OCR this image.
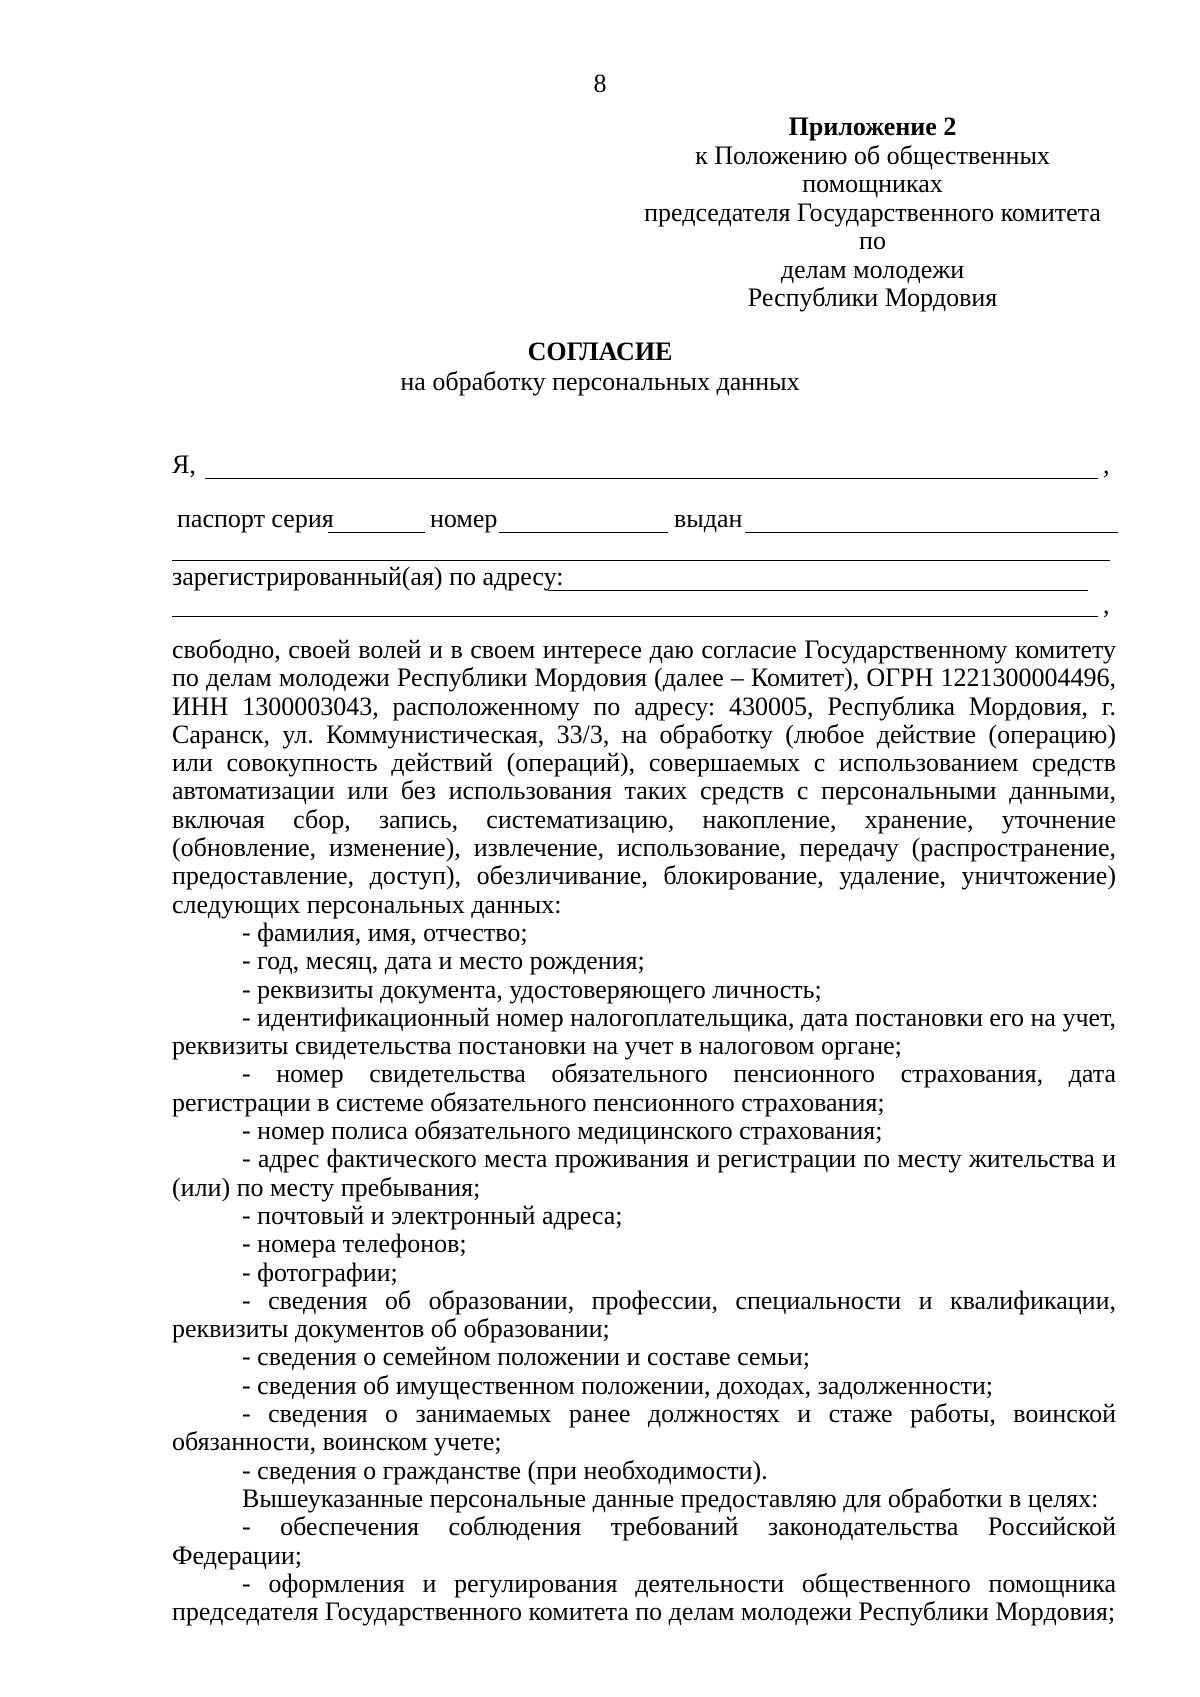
8
Приложение 2
к Положению об общественных
помощниках
председателя Государственного комитета по
делам молодежи
Республики Мордовия
СОГЛАСИЕ
на обработку персональных данных
Я,	,
паспорт серия	номер	выдан
зарегистрированный(ая) по адресу:
,

свободно, своей волей и в своем интересе даю согласие Государственному комитету по делам молодежи Республики Мордовия (далее – Комитет), ОГРН 1221300004496, ИНН 1300003043, расположенному по адресу: 430005, Республика Мордовия, г. Саранск, ул. Коммунистическая, 33/3, на обработку (любое действие (операцию) или совокупность действий (операций), совершаемых с использованием средств автоматизации или без использования таких средств с персональными данными, включая сбор, запись, систематизацию, накопление, хранение, уточнение (обновление, изменение), извлечение, использование, передачу (распространение, предоставление, доступ), обезличивание, блокирование, удаление, уничтожение) следующих персональных данных:

- фамилия, имя, отчество;

- год, месяц, дата и место рождения;

- реквизиты документа, удостоверяющего личность;

- идентификационный номер налогоплательщика, дата постановки его на учет, реквизиты свидетельства постановки на учет в налоговом органе;

- номер свидетельства обязательного пенсионного страхования, дата регистрации в системе обязательного пенсионного страхования;

- номер полиса обязательного медицинского страхования;

- адрес фактического места проживания и регистрации по месту жительства и (или) по месту пребывания;

- почтовый и электронный адреса;

- номера телефонов;

- фотографии;

- сведения об образовании, профессии, специальности и квалификации, реквизиты документов об образовании;

- сведения о семейном положении и составе семьи;

- сведения об имущественном положении, доходах, задолженности;

- сведения о занимаемых ранее должностях и стаже работы, воинской обязанности, воинском учете;

- сведения о гражданстве (при необходимости).

Вышеуказанные персональные данные предоставляю для обработки в целях:

- обеспечения соблюдения требований законодательства Российской Федерации;

- оформления и регулирования деятельности общественного помощника председателя Государственного комитета по делам молодежи Республики Мордовия;
